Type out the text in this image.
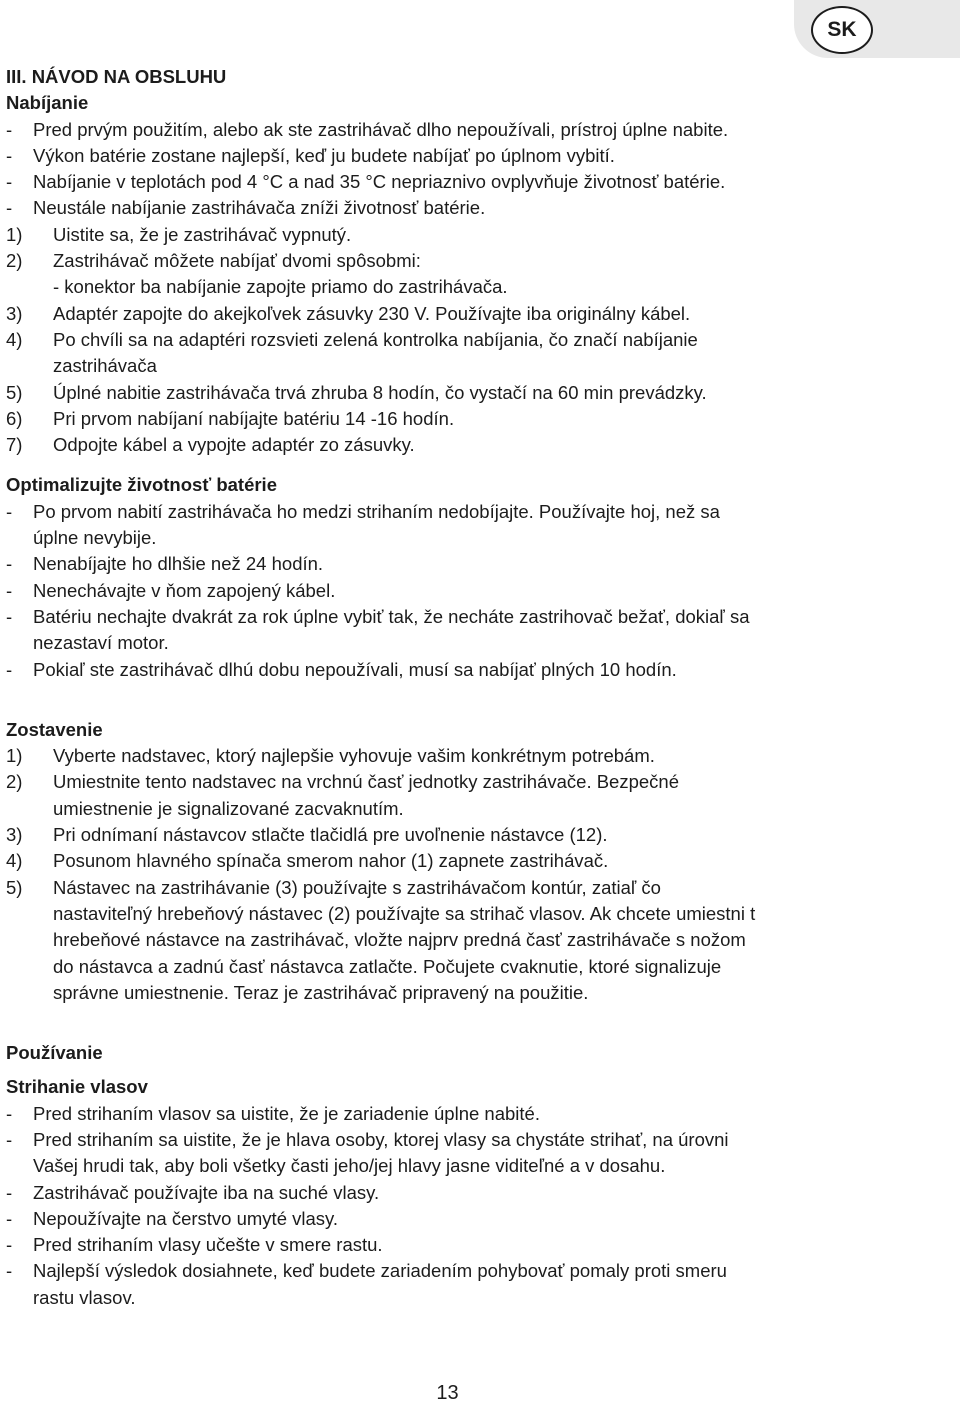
SK
III. NÁVOD NA OBSLUHU
Nabíjanie
- Pred prvým použitím, alebo ak ste zastrihávač dlho nepoužívali, prístroj úplne nabite.
- Výkon batérie zostane najlepší, keď ju budete nabíjať po úplnom vybití.
- Nabíjanie v teplotách pod 4 °C a nad 35 °C nepriaznivo ovplyvňuje životnosť batérie.
- Neustále nabíjanie zastrihávača zníži životnosť batérie.
1) Uistite sa, že je zastrihávač vypnutý.
2) Zastrihávač môžete nabíjať dvomi spôsobmi:
- konektor ba nabíjanie zapojte priamo do zastrihávača.
3) Adaptér zapojte do akejkoľvek zásuvky 230 V. Používajte iba originálny kábel.
4) Po chvíli sa na adaptéri rozsvieti zelená kontrolka nabíjania, čo značí nabíjanie
zastrihávača
5) Úplné nabitie zastrihávača trvá zhruba 8 hodín, čo vystačí na 60 min prevádzky.
6) Pri prvom nabíjaní nabíjajte batériu 14 -16 hodín.
7) Odpojte kábel a vypojte adaptér zo zásuvky.
Optimalizujte životnosť batérie
- Po prvom nabití zastrihávača ho medzi strihaním nedobíjajte. Používajte hoj, než sa
úplne nevybije.
- Nenabíjajte ho dlhšie než 24 hodín.
- Nenechávajte v ňom zapojený kábel.
- Batériu nechajte dvakrát za rok úplne vybiť tak, že necháte zastrihovač bežať, dokiaľ sa
nezastaví motor.
- Pokiaľ ste zastrihávač dlhú dobu nepoužívali, musí sa nabíjať plných 10 hodín.
Zostavenie
1) Vyberte nadstavec, ktorý najlepšie vyhovuje vašim konkrétnym potrebám.
2) Umiestnite tento nadstavec na vrchnú časť jednotky zastrihávače. Bezpečné
umiestnenie je signalizované zacvaknutím.
3) Pri odnímaní nástavcov stlačte tlačidlá pre uvoľnenie nástavce (12).
4) Posunom hlavného spínača smerom nahor (1) zapnete zastrihávač.
5) Nástavec na zastrihávanie (3) používajte s zastrihávačom kontúr, zatiaľ čo
nastaviteľný hrebeňový nástavec (2) používajte sa strihač vlasov. Ak chcete umiestni t
hrebeňové nástavce na zastrihávač, vložte najprv predná časť zastrihávače s nožom
do nástavca a zadnú časť nástavca zatlačte. Počujete cvaknutie, ktoré signalizuje
správne umiestnenie. Teraz je zastrihávač pripravený na použitie.
Používanie
Strihanie vlasov
- Pred strihaním vlasov sa uistite, že je zariadenie úplne nabité.
- Pred strihaním sa uistite, že je hlava osoby, ktorej vlasy sa chystáte strihať, na úrovni
Vašej hrudi tak, aby boli všetky časti jeho/jej hlavy jasne viditeľné a v dosahu.
- Zastrihávač používajte iba na suché vlasy.
- Nepoužívajte na čerstvo umyté vlasy.
- Pred strihaním vlasy učešte v smere rastu.
- Najlepší výsledok dosiahnete, keď budete zariadením pohybovať pomaly proti smeru
rastu vlasov.
13
